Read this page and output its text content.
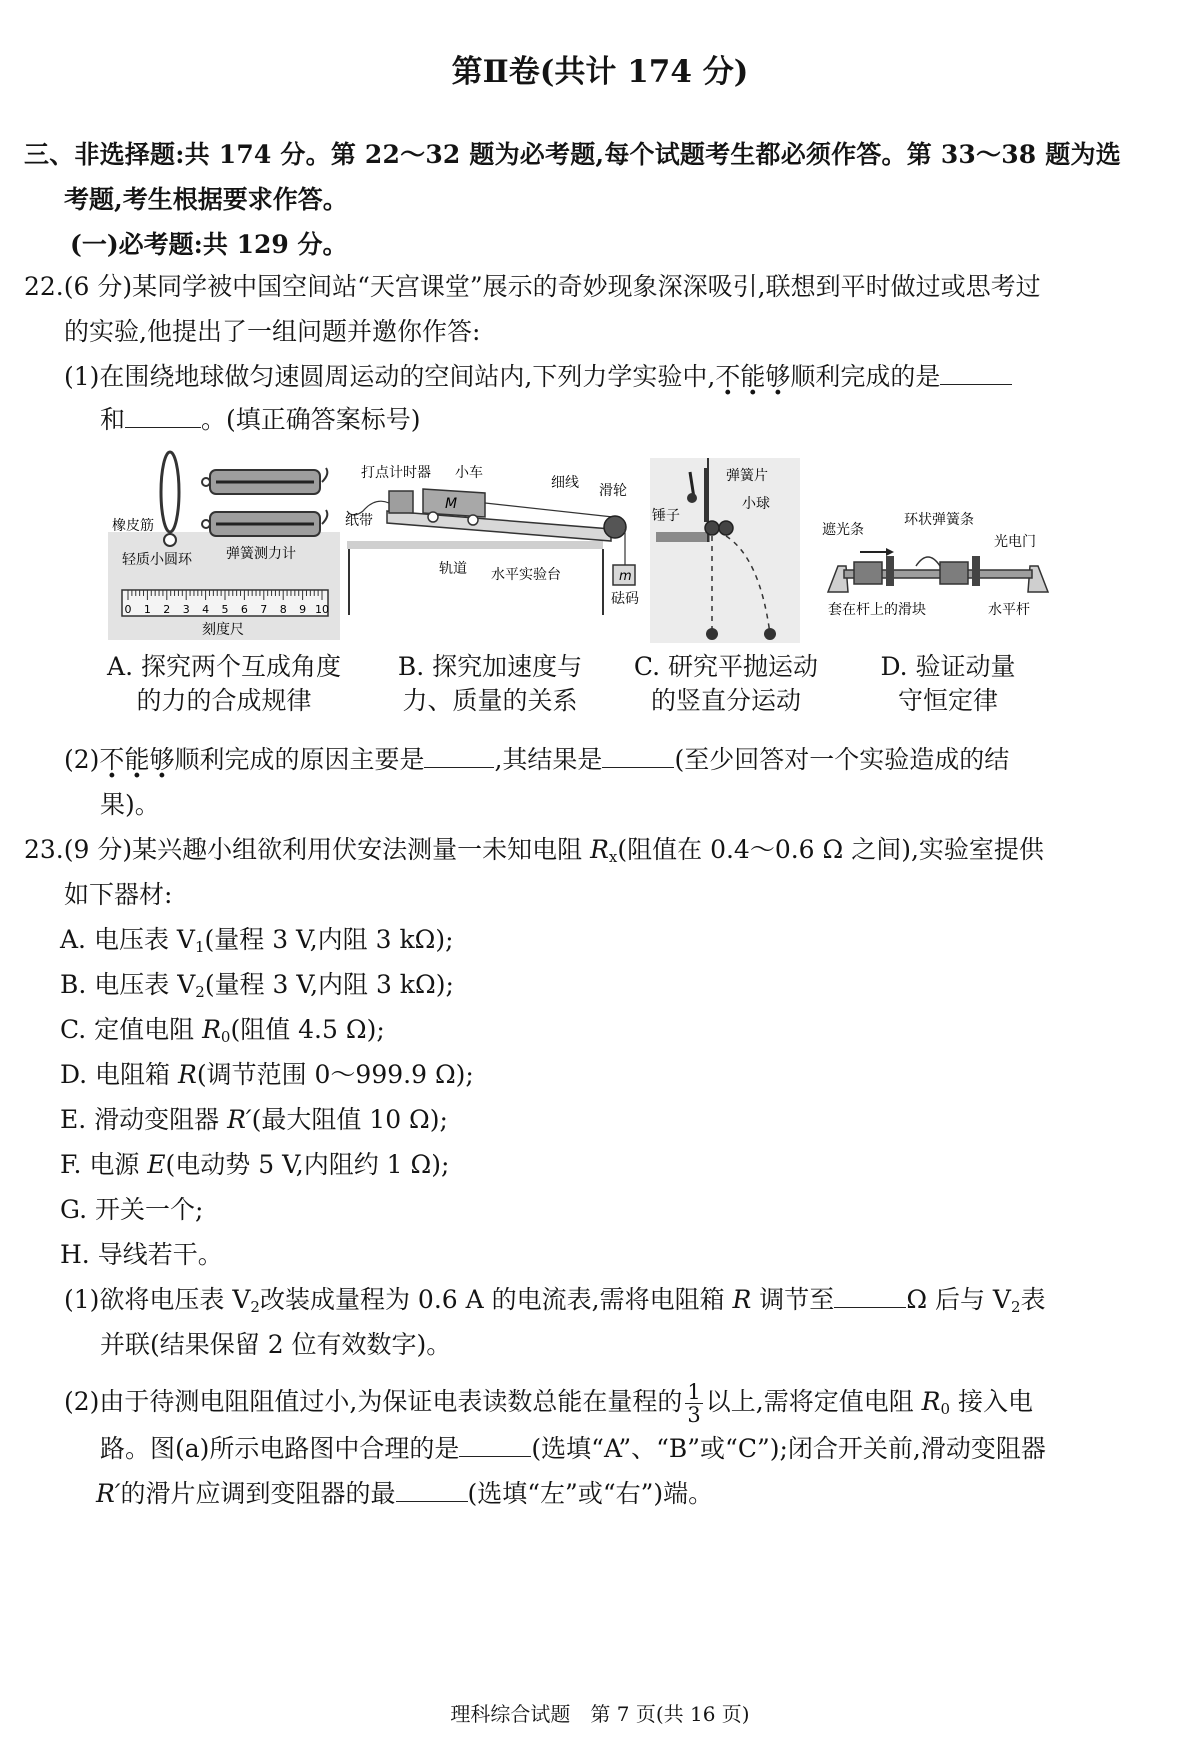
第Ⅱ卷(共计 174 分)
三、非选择题:共 174 分。第 22～32 题为必考题,每个试题考生都必须作答。第 33～38 题为选
考题,考生根据要求作答。
(一)必考题:共 129 分。
22.(6 分)某同学被中国空间站“天宫课堂”展示的奇妙现象深深吸引,联想到平时做过或思考过
的实验,他提出了一组问题并邀你作答:
(1)在围绕地球做匀速圆周运动的空间站内,下列力学实验中,不能够顺利完成的是
和	。(填正确答案标号)
橡皮筋
轻质小圆环 弹簧测力计
0 1 2 3 4 5 6 7 8 9 10
刻度尺
A. 探究两个互成角度
的力的合成规律
M
m
打点计时器 小车
细线 滑轮
纸带
轨道 水平实验台
砝码
B. 探究加速度与
力、质量的关系
弹簧片
小球
锤子
C. 研究平抛运动
的竖直分运动
遮光条
环状弹簧条
光电门
套在杆上的滑块	水平杆
D. 验证动量
守恒定律
(2)不能够顺利完成的原因主要是	,其结果是	(至少回答对一个实验造成的结
果)。
23.(9 分)某兴趣小组欲利用伏安法测量一未知电阻 $R_x$(阻值在 0.4～0.6 Ω 之间),实验室提供
如下器材:
A. 电压表 $V_1$(量程 3 V,内阻 3 kΩ);
B. 电压表 $V_2$(量程 3 V,内阻 3 kΩ);
C. 定值电阻 $R_0$(阻值 4.5 Ω);
D. 电阻箱 R(调节范围 0～999.9 Ω);
E. 滑动变阻器 R′(最大阻值 10 Ω);
F. 电源 E(电动势 5 V,内阻约 1 Ω);
G. 开关一个;
H. 导线若干。
(1)欲将电压表 $V_2$改装成量程为 0.6 A 的电流表,需将电阻箱 R 调节至	Ω 后与 $V_2$表
并联(结果保留 2 位有效数字)。
(2)由于待测电阻阻值过小,为保证电表读数总能在量程的 $\frac{1}{3}$ 以上,需将定值电阻 $R_0$ 接入电
路。图(a)所示电路图中合理的是	(选填“A”、“B”或“C”);闭合开关前,滑动变阻器
R′的滑片应调到变阻器的最	(选填“左”或“右”)端。
理科综合试题　第 7 页(共 16 页)
